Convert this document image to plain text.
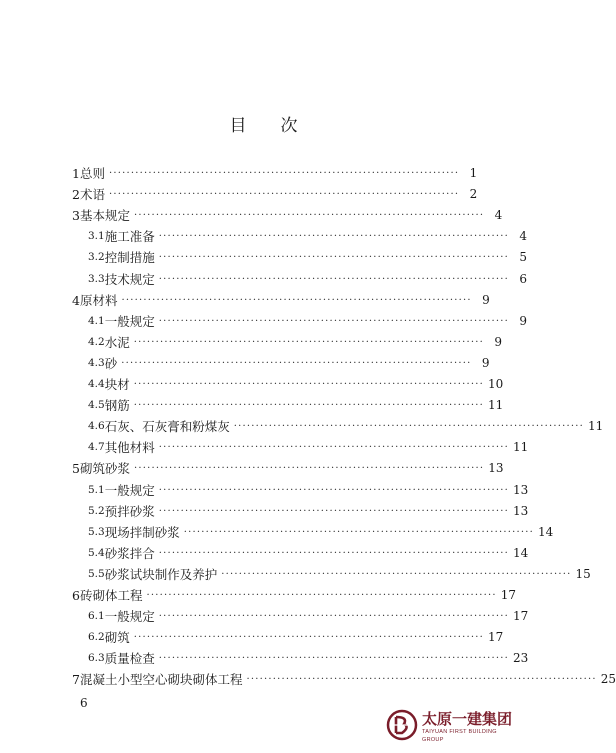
目 次
1 总则 ················································································ 1
2 术语 ················································································ 2
3 基本规定 ················································································ 4
3.1 施工准备 ················································································ 4
3.2 控制措施 ················································································ 5
3.3 技术规定 ················································································ 6
4 原材料 ················································································ 9
4.1 一般规定 ················································································ 9
4.2 水泥 ················································································ 9
4.3 砂 ················································································ 9
4.4 块材 ················································································ 10
4.5 钢筋 ················································································ 11
4.6 石灰、石灰膏和粉煤灰 ················································································ 11
4.7 其他材料 ················································································ 11
5 砌筑砂浆 ················································································ 13
5.1 一般规定 ················································································ 13
5.2 预拌砂浆 ················································································ 13
5.3 现场拌制砂浆 ················································································ 14
5.4 砂浆拌合 ················································································ 14
5.5 砂浆试块制作及养护 ················································································ 15
6 砖砌体工程 ················································································ 17
6.1 一般规定 ················································································ 17
6.2 砌筑 ················································································ 17
6.3 质量检查 ················································································ 23
7 混凝土小型空心砌块砌体工程 ················································································ 25
6
太原一建集团
TAIYUAN FIRST BUILDING GROUP
